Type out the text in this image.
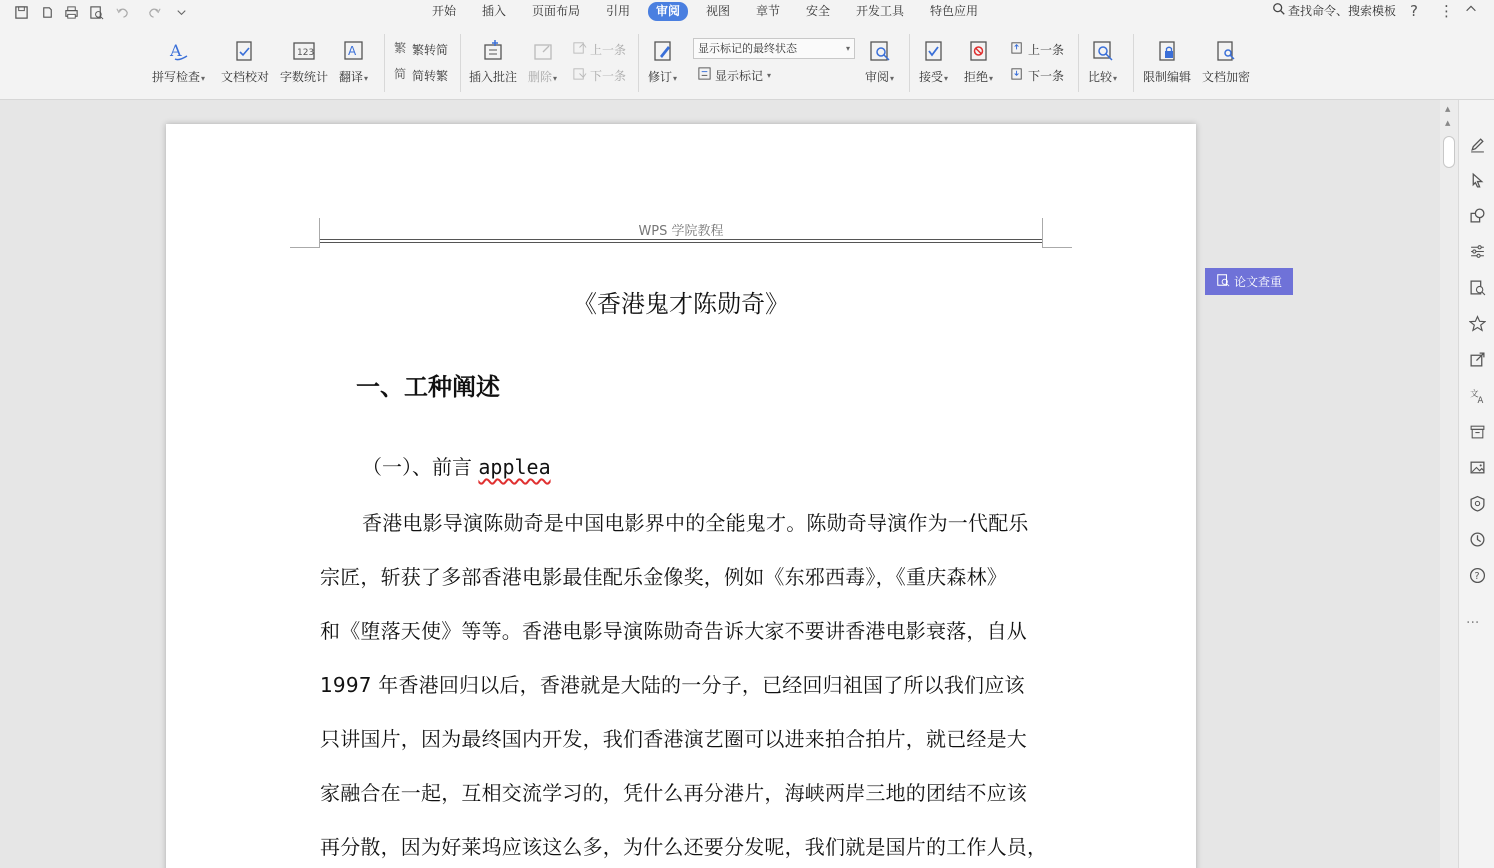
开始	插入	页面布局	引用	审阅	视图	章节	安全	开发工具	特色应用	查找命令、搜索模板 ? ⋮
A
拼写检查▾ 文档校对
123
字数统计
A
翻译▾
繁 繁转简
简 简转繁 插入批注 删除▾
上一条
下一条 修订▾
显示标记的最终状态	▾
显示标记 ▾	审阅▾ 接受▾ 拒绝▾
上一条
下一条 比较▾ 限制编辑 文档加密
WPS 学院教程
《香港鬼才陈勋奇》
一、工种阐述
（一）、前言 applea
香港电影导演陈勋奇是中国电影界中的全能鬼才。陈勋奇导演作为一代配乐
宗匠，斩获了多部香港电影最佳配乐金像奖，例如《东邪西毒》，《重庆森林》
和《堕落天使》等等。香港电影导演陈勋奇告诉大家不要讲香港电影衰落，自从
1997 年香港回归以后，香港就是大陆的一分子，已经回归祖国了所以我们应该
只讲国片，因为最终国内开发，我们香港演艺圈可以进来拍合拍片，就已经是大
家融合在一起，互相交流学习的，凭什么再分港片，海峡两岸三地的团结不应该
再分散，因为好莱坞应该这么多，为什么还要分发呢，我们就是国片的工作人员，
论文查重
▲
▲
文
A
?
···
